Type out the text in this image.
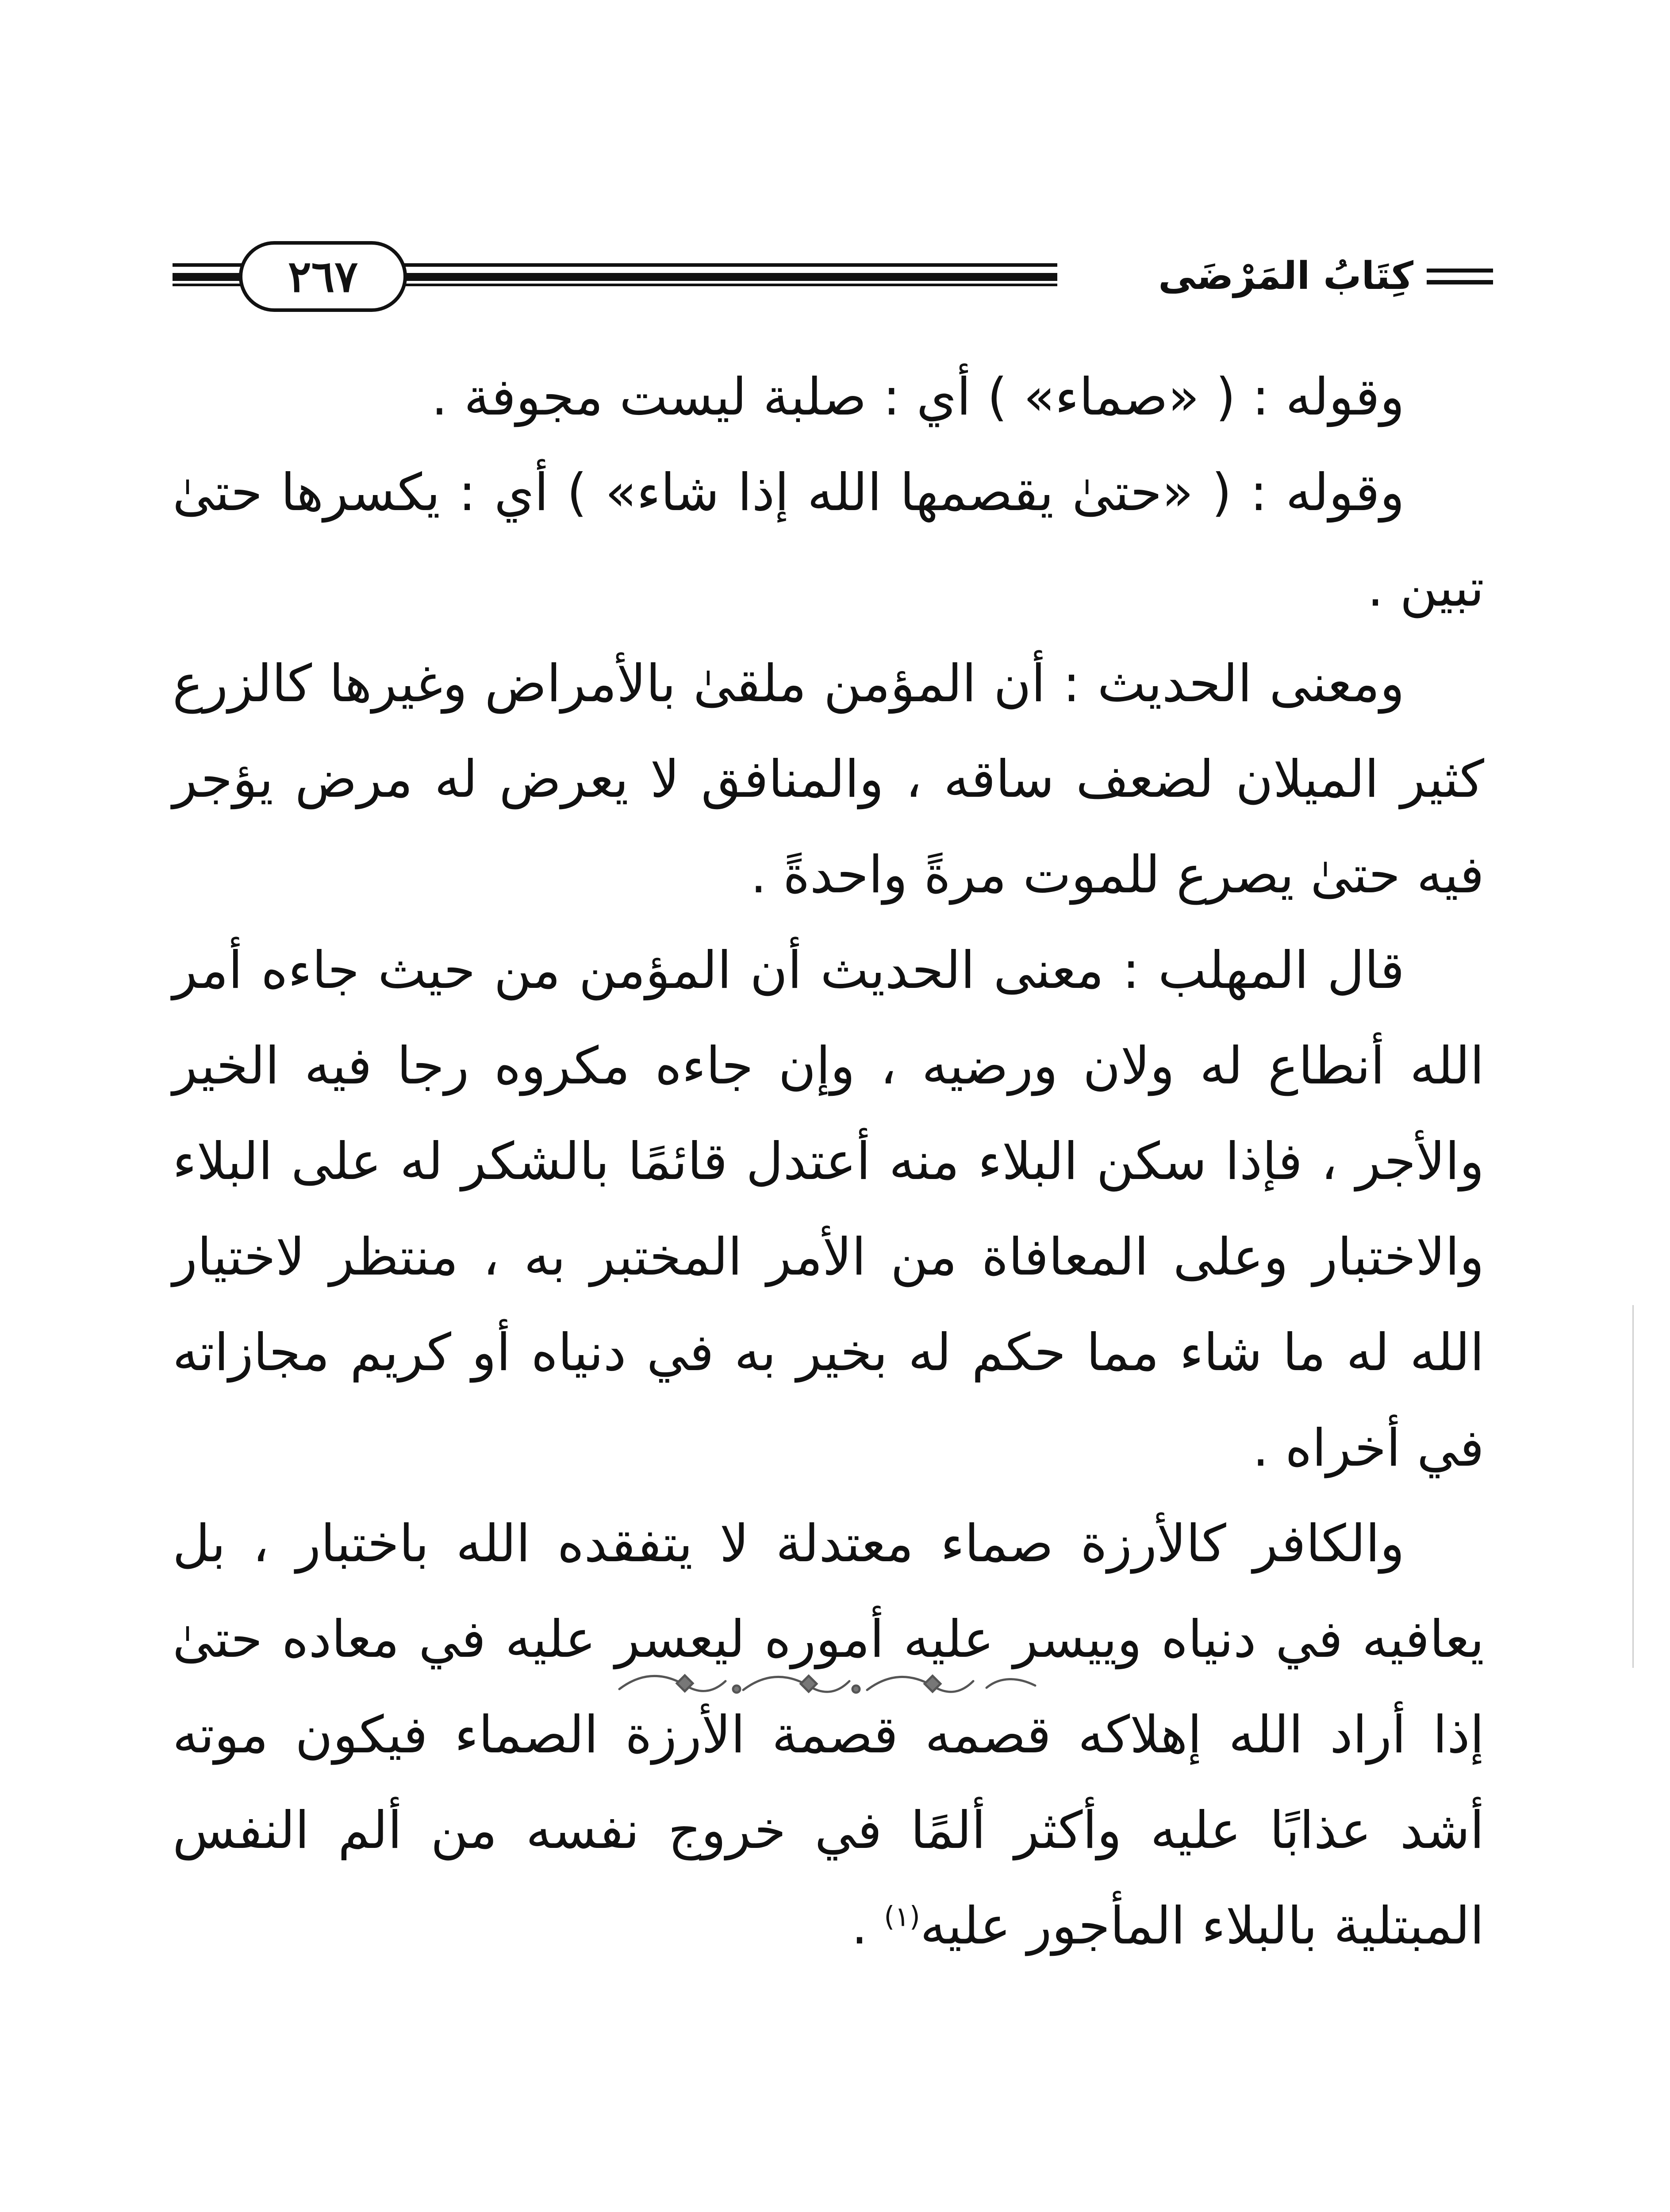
٢٦٧	كِتَابُ المَرْضَى

وقوله : ( «صماء» ) أي : صلبة ليست مجوفة .

وقوله : ( «حتىٰ يقصمها الله إذا شاء» ) أي : يكسرها حتىٰ تبين .

ومعنى الحديث : أن المؤمن ملقىٰ بالأمراض وغيرها كالزرع كثير الميلان لضعف ساقه ، والمنافق لا يعرض له مرض يؤجر فيه حتىٰ يصرع للموت مرةً واحدةً .

قال المهلب : معنى الحديث أن المؤمن من حيث جاءه أمر الله أنطاع له ولان ورضيه ، وإن جاءه مكروه رجا فيه الخير والأجر ، فإذا سكن البلاء منه أعتدل قائمًا بالشكر له على البلاء والاختبار وعلى المعافاة من الأمر المختبر به ، منتظر لاختيار الله له ما شاء مما حكم له بخير به في دنياه أو كريم مجازاته في أخراه .

والكافر كالأرزة صماء معتدلة لا يتفقده الله باختبار ، بل يعافيه في دنياه وييسر عليه أموره ليعسر عليه في معاده حتىٰ إذا أراد الله إهلاكه قصمه قصمة الأرزة الصماء فيكون موته أشد عذابًا عليه وأكثر ألمًا في خروج نفسه من ألم النفس المبتلية بالبلاء المأجور عليه$^{(١)}$ .
